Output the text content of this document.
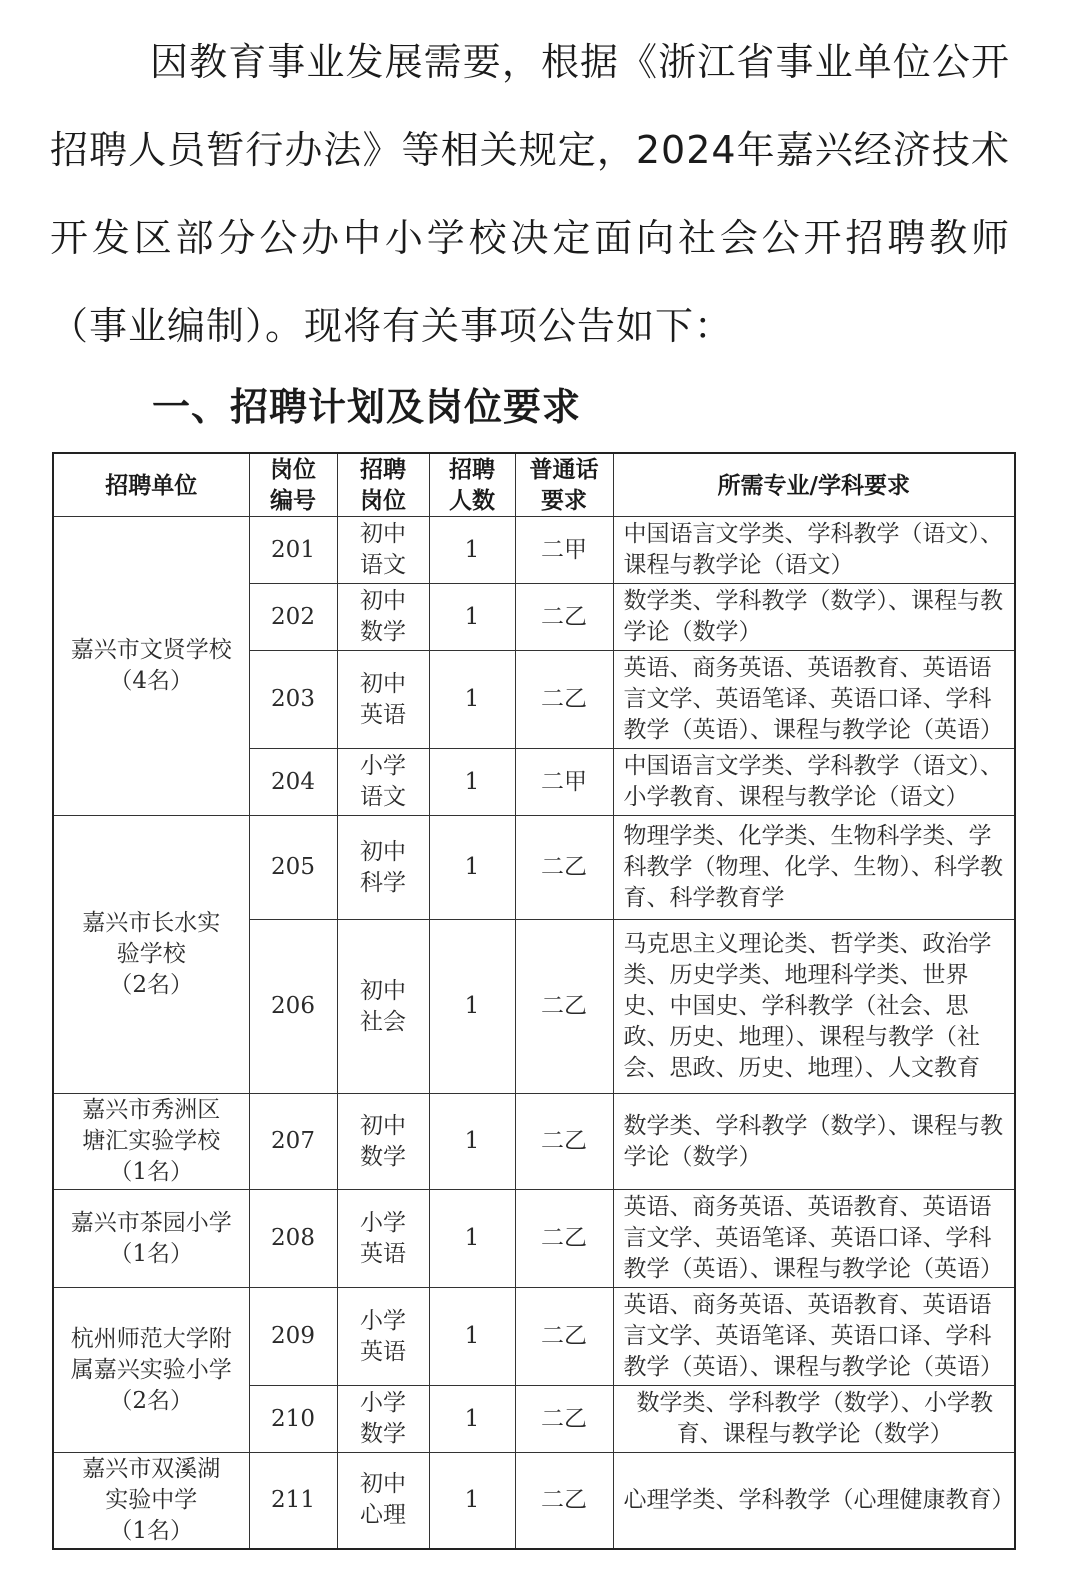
因教育事业发展需要，根据《浙江省事业单位公开招聘人员暂行办法》等相关规定，2024年嘉兴经济技术开发区部分公办中小学校决定面向社会公开招聘教师（事业编制）。现将有关事项公告如下：

一、招聘计划及岗位要求
招聘单位	岗位编号	招聘岗位	招聘人数	普通话要求	所需专业/学科要求

嘉兴市文贤学校
（4名）	201	初中语文	1	二甲	中国语言文学类、学科教学（语文）、课程与教学论（语文）
	202	初中数学	1	二乙	数学类、学科教学（数学）、课程与教学论（数学）
	203	初中英语	1	二乙	英语、商务英语、英语教育、英语语言文学、英语笔译、英语口译、学科教学（英语）、课程与教学论（英语）
	204	小学语文	1	二甲	中国语言文学类、学科教学（语文）、小学教育、课程与教学论（语文）

嘉兴市长水实验学校
（2名）	205	初中科学	1	二乙	物理学类、化学类、生物科学类、学科教学（物理、化学、生物）、科学教育、科学教育学
	206	初中社会	1	二乙	马克思主义理论类、哲学类、政治学类、历史学类、地理科学类、世界史、中国史、学科教学（社会、思政、历史、地理）、课程与教学（社会、思政、历史、地理）、人文教育

嘉兴市秀洲区塘汇实验学校
（1名）	207	初中数学	1	二乙	数学类、学科教学（数学）、课程与教学论（数学）

嘉兴市茶园小学
（1名）	208	小学英语	1	二乙	英语、商务英语、英语教育、英语语言文学、英语笔译、英语口译、学科教学（英语）、课程与教学论（英语）

杭州师范大学附属嘉兴实验小学
（2名）	209	小学英语	1	二乙	英语、商务英语、英语教育、英语语言文学、英语笔译、英语口译、学科教学（英语）、课程与教学论（英语）
	210	小学数学	1	二乙	数学类、学科教学（数学）、小学教育、课程与教学论（数学）

嘉兴市双溪湖实验中学
（1名）	211	初中心理	1	二乙	心理学类、学科教学（心理健康教育）
